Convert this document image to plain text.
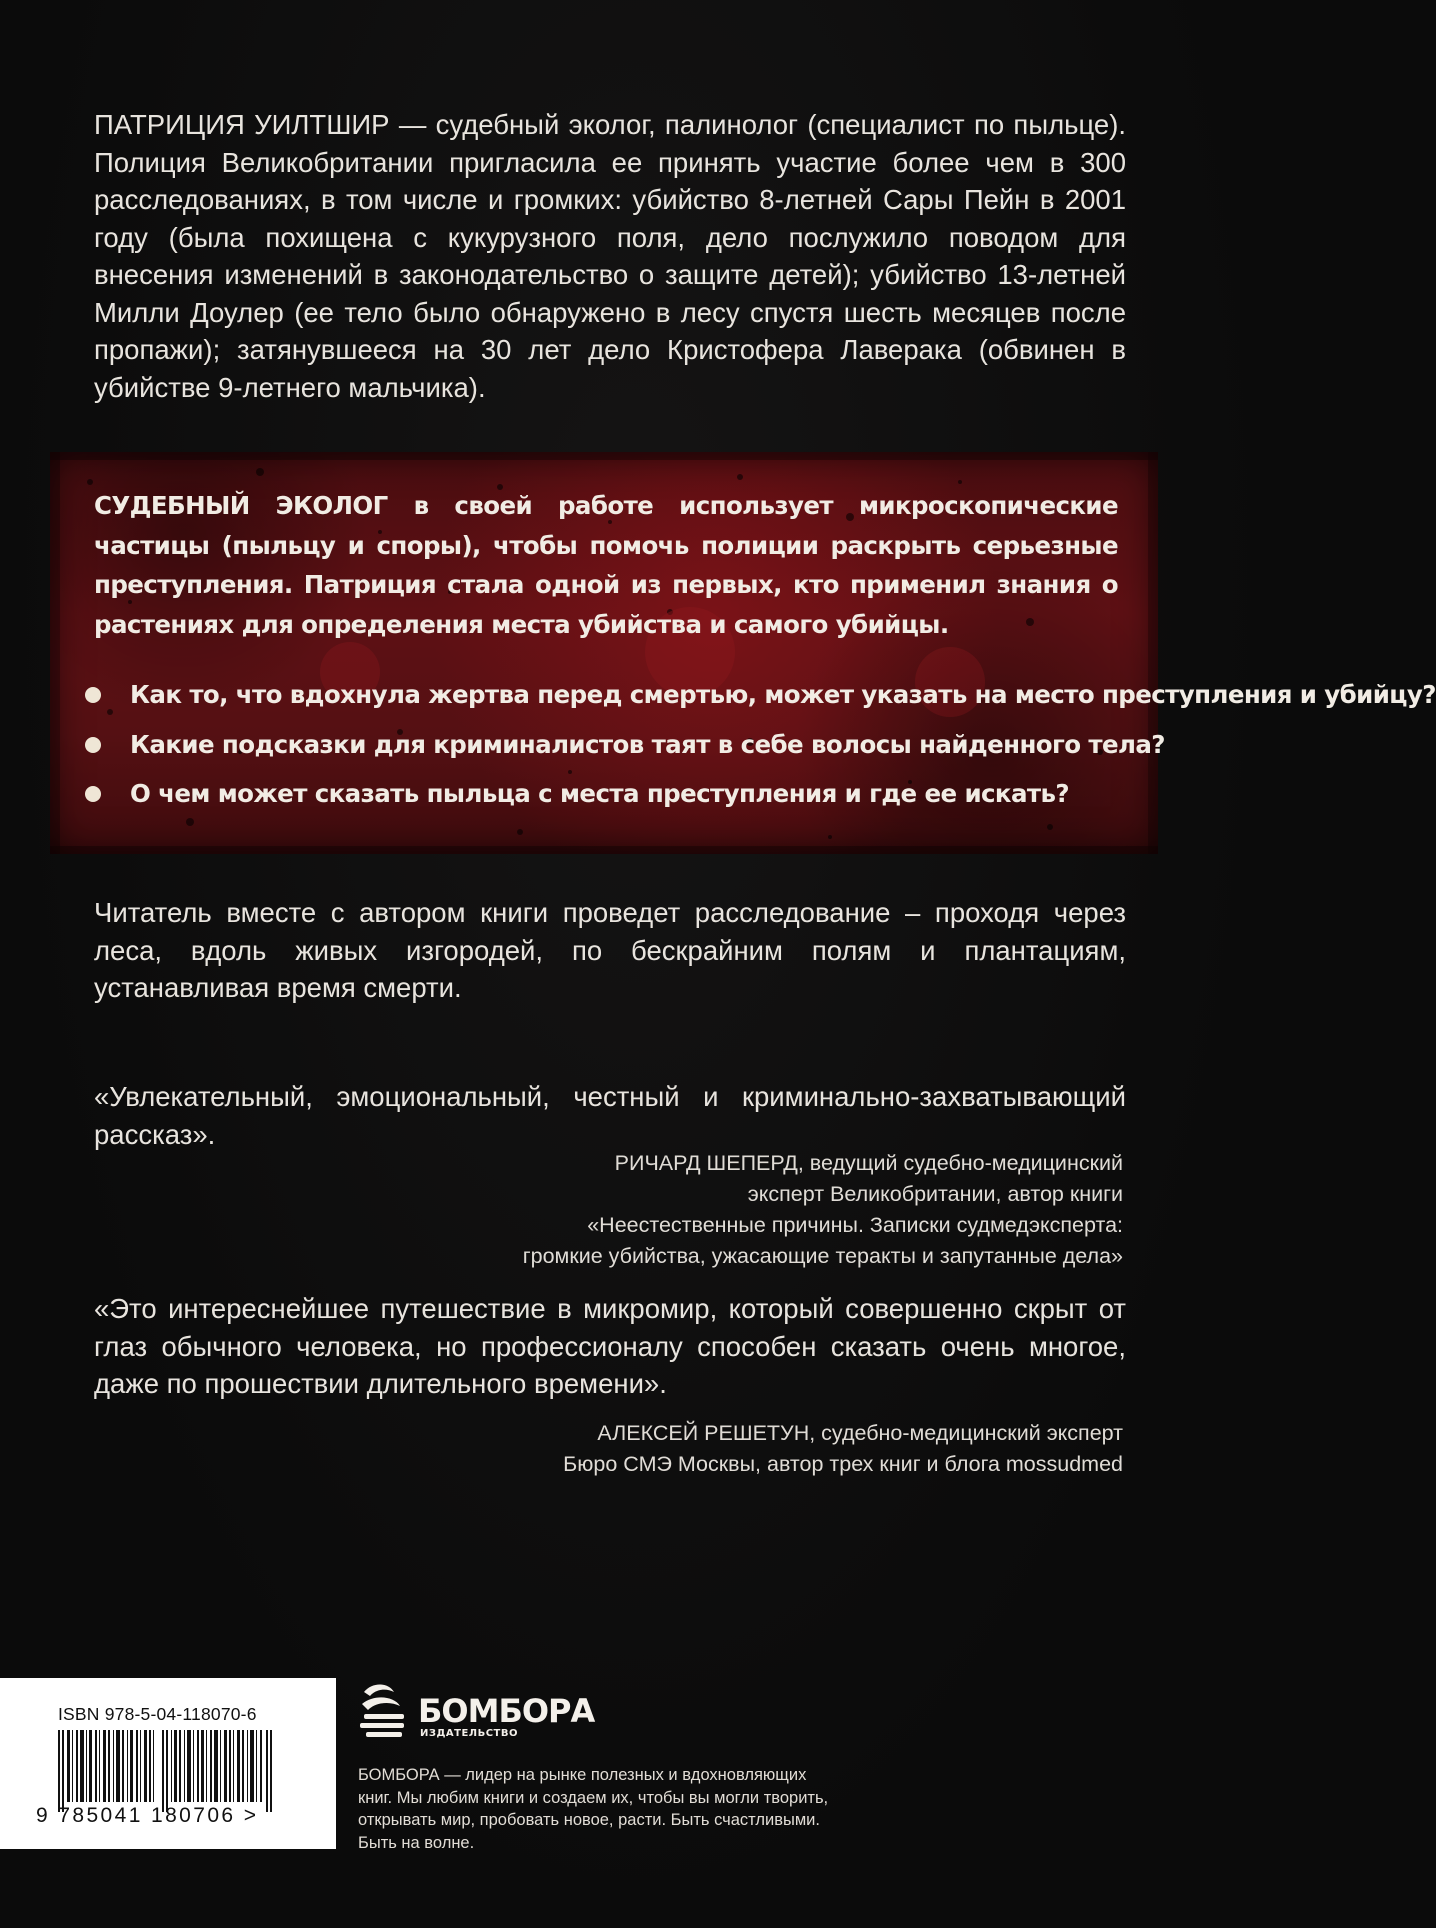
ПАТРИЦИЯ УИЛТШИР — судебный эколог, палинолог (специалист по пыльце). Полиция Великобритании пригласила ее принять участие более чем в 300 расследованиях, в том числе и громких: убийство 8-летней Сары Пейн в 2001 году (была похищена с кукурузного поля, дело послужило поводом для внесения изменений в законодательство о защите детей); убийство 13-летней Милли Доулер (ее тело было обнаружено в лесу спустя шесть месяцев после пропажи); затянувшееся на 30 лет дело Кристофера Лаверака (обвинен в убийстве 9-летнего мальчика).

СУДЕБНЫЙ ЭКОЛОГ в своей работе использует микроскопические частицы (пыльцу и споры), чтобы помочь полиции раскрыть серьезные преступления. Патриция стала одной из первых, кто применил знания о растениях для определения места убийства и самого убийцы.

Как то, что вдохнула жертва перед смертью, может указать на место преступления и убийцу?
Какие подсказки для криминалистов таят в себе волосы найденного тела?
О чем может сказать пыльца с места преступления и где ее искать?

Читатель вместе с автором книги проведет расследование – проходя через леса, вдоль живых изгородей, по бескрайним полям и плантациям, устанавливая время смерти.

«Увлекательный, эмоциональный, честный и криминально-захватывающий рассказ».

РИЧАРД ШЕПЕРД, ведущий судебно-медицинский
эксперт Великобритании, автор книги
«Неестественные причины. Записки судмедэксперта:
громкие убийства, ужасающие теракты и запутанные дела»

«Это интереснейшее путешествие в микромир, который совершенно скрыт от глаз обычного человека, но профессионалу способен сказать очень многое, даже по прошествии длительного времени».

АЛЕКСЕЙ РЕШЕТУН, судебно-медицинский эксперт
Бюро СМЭ Москвы, автор трех книг и блога mossudmed
ISBN 978-5-04-118070-6
9 785041 180706 >
БОМБОРА
ИЗДАТЕЛЬСТВО
БОМБОРА — лидер на рынке полезных и вдохновляющих книг. Мы любим книги и создаем их, чтобы вы могли творить, открывать мир, пробовать новое, расти. Быть счастливыми. Быть на волне.
